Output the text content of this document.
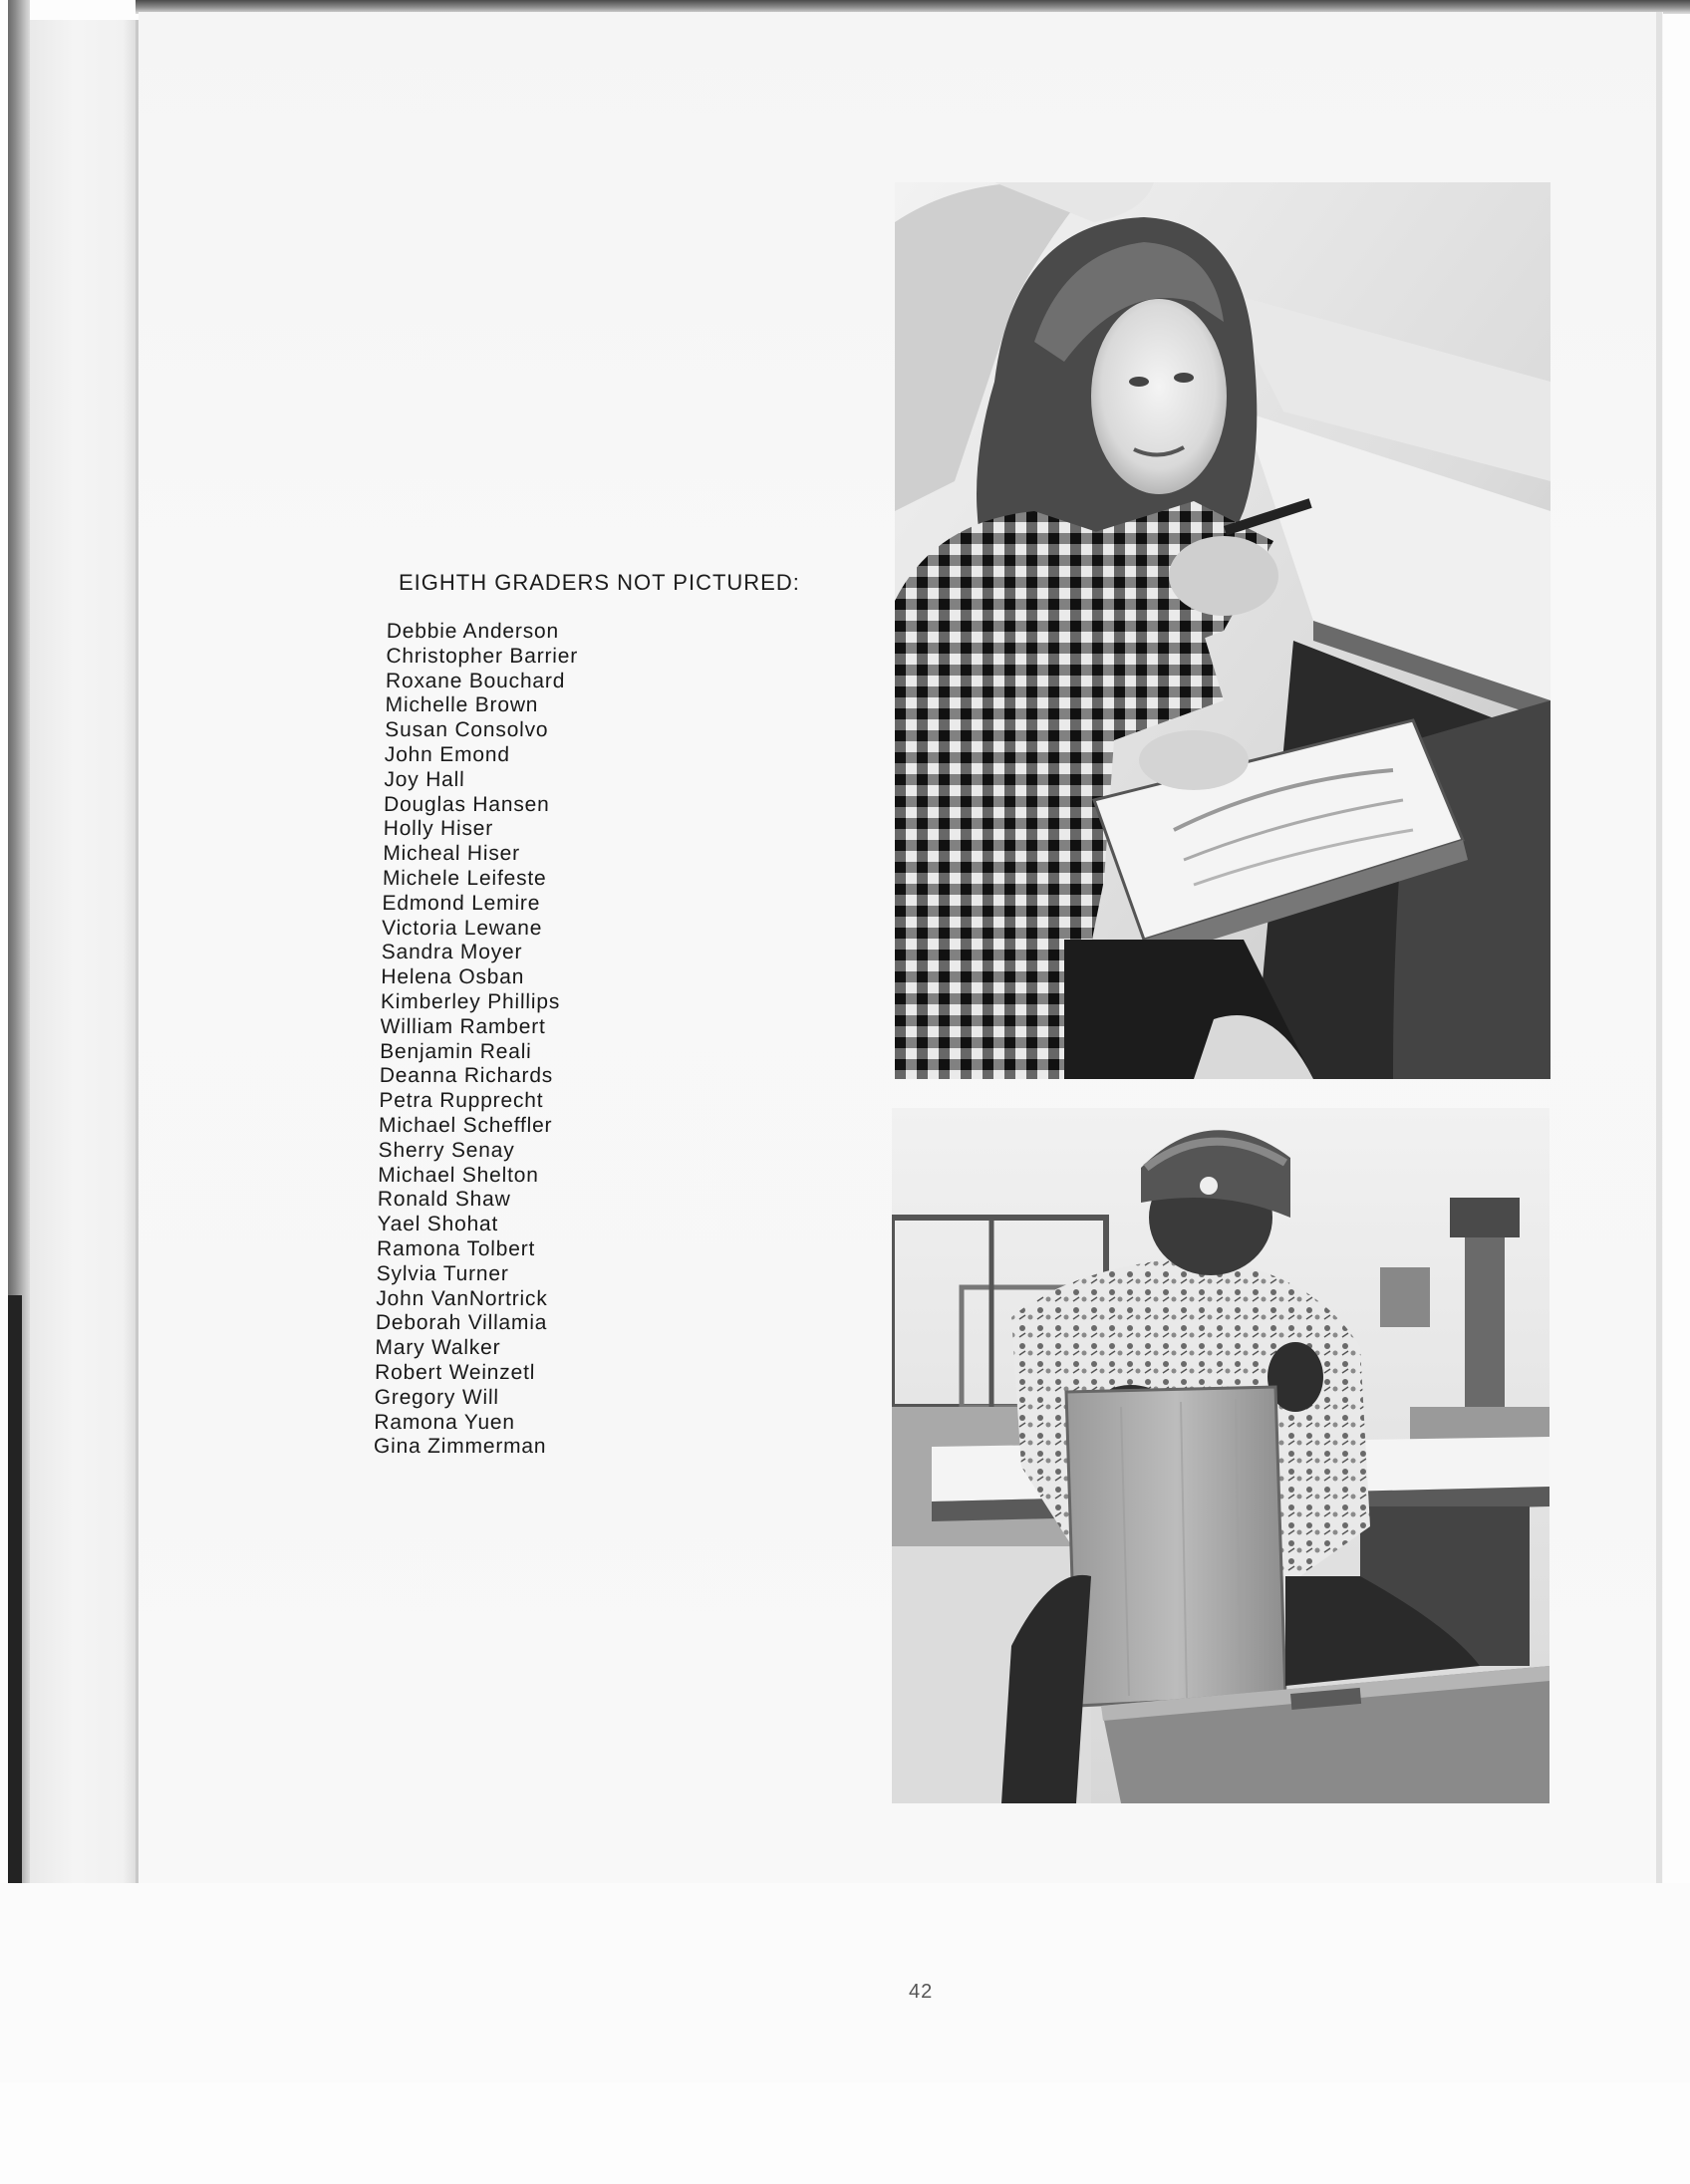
EIGHTH GRADERS NOT PICTURED:
Debbie Anderson
Christopher Barrier
Roxane Bouchard
Michelle Brown
Susan Consolvo
John Emond
Joy Hall
Douglas Hansen
Holly Hiser
Micheal Hiser
Michele Leifeste
Edmond Lemire
Victoria Lewane
Sandra Moyer
Helena Osban
Kimberley Phillips
William Rambert
Benjamin Reali
Deanna Richards
Petra Rupprecht
Michael Scheffler
Sherry Senay
Michael Shelton
Ronald Shaw
Yael Shohat
Ramona Tolbert
Sylvia Turner
John VanNortrick
Deborah Villamia
Mary Walker
Robert Weinzetl
Gregory Will
Ramona Yuen
Gina Zimmerman
42
